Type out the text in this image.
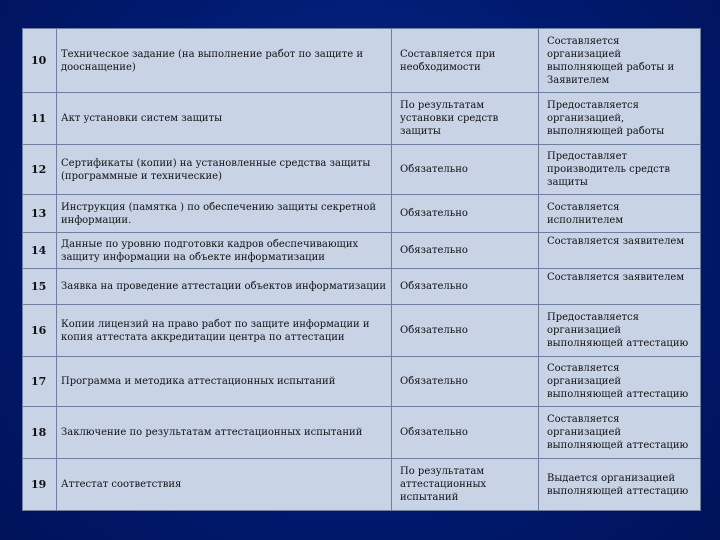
10	Техническое задание (на выполнение работ по защите и дооснащение)	Составляется при необходимости	Составляется организацией выполняющей работы и Заявителем
11	Акт установки систем защиты	По результатам установки средств защиты	Предоставляется организацией, выполняющей работы
12	Сертификаты (копии) на установленные средства защиты (программные и технические)	Обязательно	Предоставляет производитель средств защиты
13	Инструкция (памятка ) по обеспечению защиты секретной информации.	Обязательно	Составляется исполнителем
14	Данные по уровню подготовки кадров обеспечивающих защиту информации на объекте информатизации	Обязательно	Составляется заявителем
15	Заявка на проведение аттестации объектов информатизации	Обязательно	Составляется заявителем
16	Копии лицензий на право работ по защите информации и копия аттестата аккредитации центра по аттестации	Обязательно	Предоставляется организацией выполняющей аттестацию
17	Программа и методика аттестационных испытаний	Обязательно	Составляется организацией выполняющей аттестацию
18	Заключение по результатам аттестационных испытаний	Обязательно	Составляется организацией выполняющей аттестацию
19	Аттестат соответствия	По результатам аттестационных испытаний	Выдается организацией выполняющей аттестацию
